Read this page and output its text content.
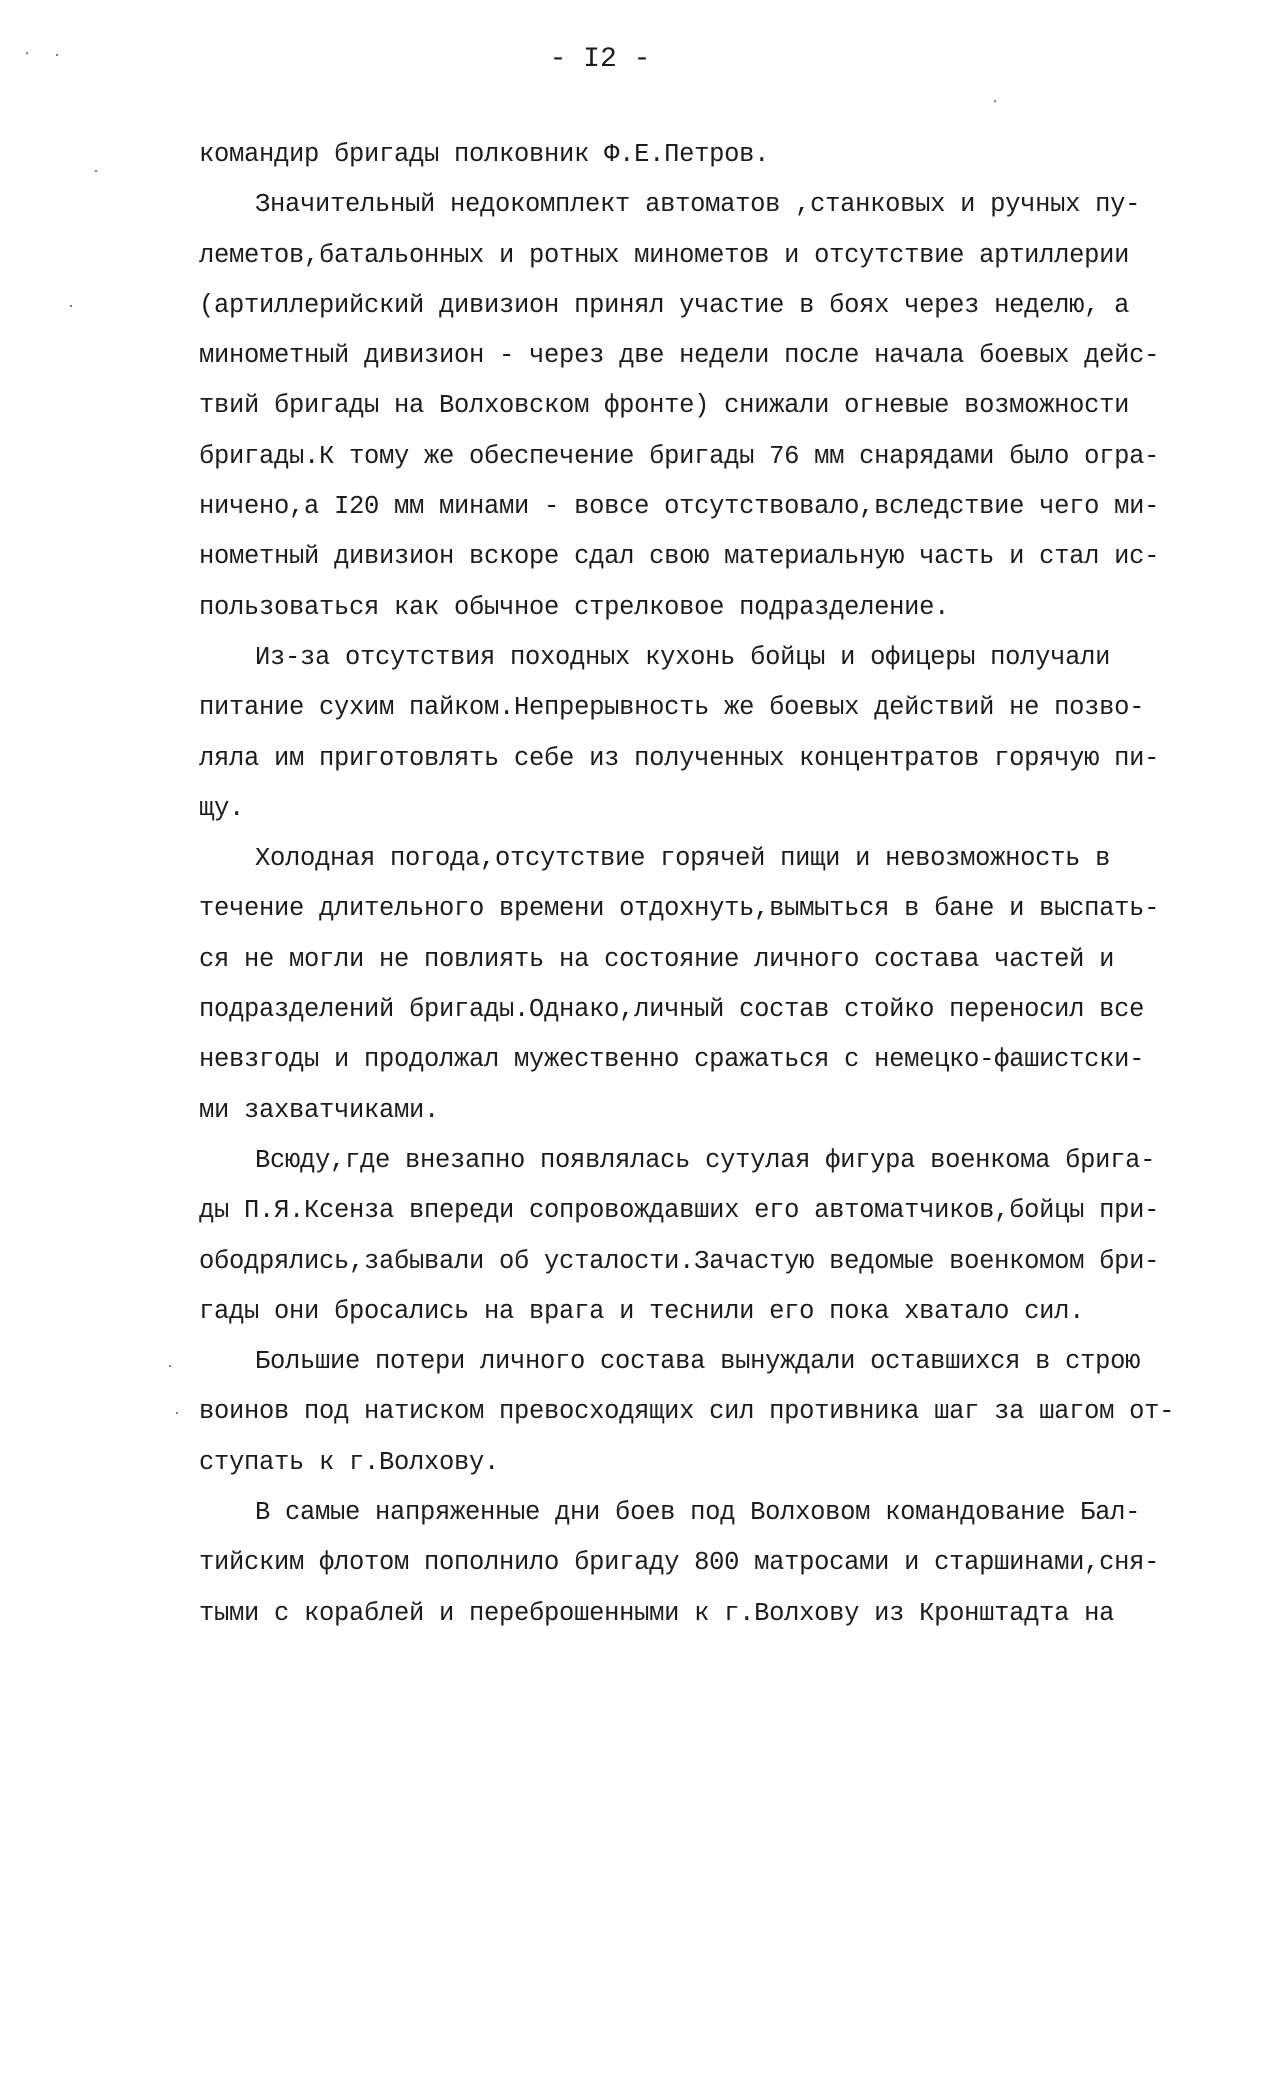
- I2 -
командир бригады полковник Ф.Е.Петров.
Значительный недокомплект автоматов ,станковых и ручных пу-
леметов,батальонных и ротных минометов и отсутствие артиллерии
(артиллерийский дивизион принял участие в боях через неделю, а
минометный дивизион - через две недели после начала боевых дейс-
твий бригады на Волховском фронте) снижали огневые возможности
бригады.К тому же обеспечение бригады 76 мм снарядами было огра-
ничено,а I20 мм минами - вовсе отсутствовало,вследствие чего ми-
нометный дивизион вскоре сдал свою материальную часть и стал ис-
пользоваться как обычное стрелковое подразделение.
Из-за отсутствия походных кухонь бойцы и офицеры получали
питание сухим пайком.Непрерывность же боевых действий не позво-
ляла им приготовлять себе из полученных концентратов горячую пи-
щу.
Холодная погода,отсутствие горячей пищи и невозможность в
течение длительного времени отдохнуть,вымыться в бане и выспать-
ся не могли не повлиять на состояние личного состава частей и
подразделений бригады.Однако,личный состав стойко переносил все
невзгоды и продолжал мужественно сражаться с немецко-фашистски-
ми захватчиками.
Всюду,где внезапно появлялась сутулая фигура военкома брига-
ды П.Я.Ксенза впереди сопровождавших его автоматчиков,бойцы при-
ободрялись,забывали об усталости.Зачастую ведомые военкомом бри-
гады они бросались на врага и теснили его пока хватало сил.
Большие потери личного состава вынуждали оставшихся в строю
воинов под натиском превосходящих сил противника шаг за шагом от-
ступать к г.Волхову.
В самые напряженные дни боев под Волховом командование Бал-
тийским флотом пополнило бригаду 800 матросами и старшинами,сня-
тыми с кораблей и переброшенными к г.Волхову из Кронштадта на
